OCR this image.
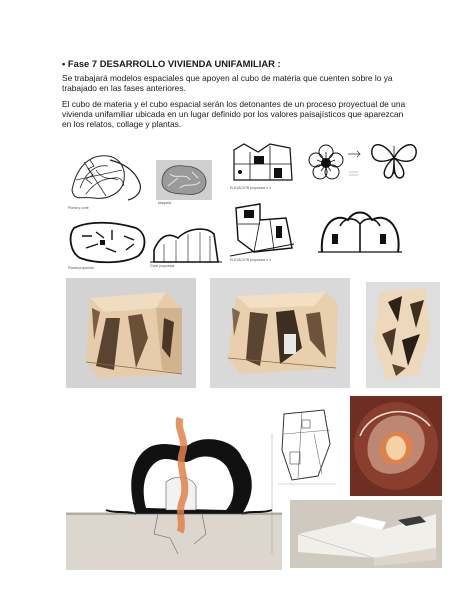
• Fase 7 DESARROLLO VIVIENDA UNIFAMILIAR :
Se trabajará modelos espaciales que apoyen al cubo de materia que cuenten sobre lo ya trabajado en las fases anteriores.
El cubo de materia y el cubo espacial serán los detonantes de un proceso proyectual de una vivienda unifamiliar ubicada en un lugar definido por los valores paisajísticos que aparezcan en los relatos, collage y plantas.
Planta y corte
Maqueta
ELEVACION propuesta # 4
Planta propuesta	Corte propuesta
ELEVACION propuesta # 4
